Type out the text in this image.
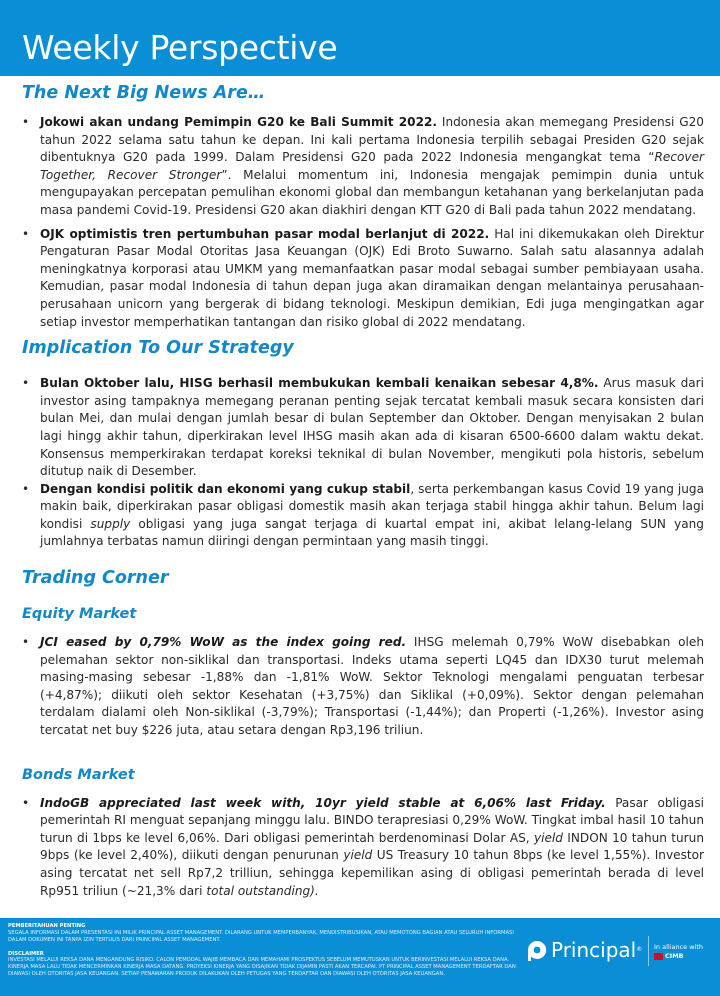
Weekly Perspective
The Next Big News Are…
• Jokowi akan undang Pemimpin G20 ke Bali Summit 2022. Indonesia akan memegang Presidensi G20 tahun 2022 selama satu tahun ke depan. Ini kali pertama Indonesia terpilih sebagai Presiden G20 sejak dibentuknya G20 pada 1999. Dalam Presidensi G20 pada 2022 Indonesia mengangkat tema “Recover Together, Recover Stronger”. Melalui momentum ini, Indonesia mengajak pemimpin dunia untuk mengupayakan percepatan pemulihan ekonomi global dan membangun ketahanan yang berkelanjutan pada masa pandemi Covid-19. Presidensi G20 akan diakhiri dengan KTT G20 di Bali pada tahun 2022 mendatang.
• OJK optimistis tren pertumbuhan pasar modal berlanjut di 2022. Hal ini dikemukakan oleh Direktur Pengaturan Pasar Modal Otoritas Jasa Keuangan (OJK) Edi Broto Suwarno. Salah satu alasannya adalah meningkatnya korporasi atau UMKM yang memanfaatkan pasar modal sebagai sumber pembiayaan usaha. Kemudian, pasar modal Indonesia di tahun depan juga akan diramaikan dengan melantainya perusahaan-perusahaan unicorn yang bergerak di bidang teknologi. Meskipun demikian, Edi juga mengingatkan agar setiap investor memperhatikan tantangan dan risiko global di 2022 mendatang.
Implication To Our Strategy
• Bulan Oktober lalu, HISG berhasil membukukan kembali kenaikan sebesar 4,8%. Arus masuk dari investor asing tampaknya memegang peranan penting sejak tercatat kembali masuk secara konsisten dari bulan Mei, dan mulai dengan jumlah besar di bulan September dan Oktober. Dengan menyisakan 2 bulan lagi hingg akhir tahun, diperkirakan level IHSG masih akan ada di kisaran 6500-6600 dalam waktu dekat. Konsensus memperkirakan terdapat koreksi teknikal di bulan November, mengikuti pola historis, sebelum ditutup naik di Desember.
• Dengan kondisi politik dan ekonomi yang cukup stabil, serta perkembangan kasus Covid 19 yang juga makin baik, diperkirakan pasar obligasi domestik masih akan terjaga stabil hingga akhir tahun. Belum lagi kondisi supply obligasi yang juga sangat terjaga di kuartal empat ini, akibat lelang-lelang SUN yang jumlahnya terbatas namun diiringi dengan permintaan yang masih tinggi.
Trading Corner
Equity Market
• JCI eased by 0,79% WoW as the index going red. IHSG melemah 0,79% WoW disebabkan oleh pelemahan sektor non-siklikal dan transportasi. Indeks utama seperti LQ45 dan IDX30 turut melemah masing-masing sebesar -1,88% dan -1,81% WoW. Sektor Teknologi mengalami penguatan terbesar (+4,87%); diikuti oleh sektor Kesehatan (+3,75%) dan Siklikal (+0,09%). Sektor dengan pelemahan terdalam dialami oleh Non-siklikal (-3,79%); Transportasi (-1,44%); dan Properti (-1,26%). Investor asing tercatat net buy $226 juta, atau setara dengan Rp3,196 triliun.
Bonds Market
• IndoGB appreciated last week with, 10yr yield stable at 6,06% last Friday. Pasar obligasi pemerintah RI menguat sepanjang minggu lalu. BINDO terapresiasi 0,29% WoW. Tingkat imbal hasil 10 tahun turun di 1bps ke level 6,06%. Dari obligasi pemerintah berdenominasi Dolar AS, yield INDON 10 tahun turun 9bps (ke level 2,40%), diikuti dengan penurunan yield US Treasury 10 tahun 8bps (ke level 1,55%). Investor asing tercatat net sell Rp7,2 trilliun, sehingga kepemilikan asing di obligasi pemerintah berada di level Rp951 triliun (~21,3% dari total outstanding).
PEMBERITAHUAN PENTING
SEGALA INFORMASI DALAM PRESENTASI INI MILIK PRINCIPAL ASSET MANAGEMENT. DILARANG UNTUK MEMPERBANYAK, MENDISTRIBUSIKAN, ATAU MEMOTONG BAGIAN ATAU SELURUH INFORMASI DALAM DOKUMEN INI TANPA IZIN TERTULIS DARI PRINCIPAL ASSET MANAGEMENT.
DISCLAIMER
INVESTASI MELALUI REKSA DANA MENGANDUNG RISIKO. CALON PEMODAL WAJIB MEMBACA DAN MEMAHAMI PROSPEKTUS SEBELUM MEMUTUSKAN UNTUK BERINVESTASI MELALUI REKSA DANA. KINERJA MASA LALU TIDAK MENCERMINKAN KINERJA MASA DATANG. PROYEKSI KINERJA YANG DISAJIKAN TIDAK DIJAMIN PASTI AKAN TERCAPAI. PT PRINCIPAL ASSET MANAGEMENT TERDAFTAR DAN DIAWASI OLEH OTORITAS JASA KEUANGAN. SETIAP PENAWARAN PRODUK DILAKUKAN OLEH PETUGAS YANG TERDAFTAR DAN DIAWASI OLEH OTORITAS JASA KEUANGAN.
Principal® In alliance with
CIMB
